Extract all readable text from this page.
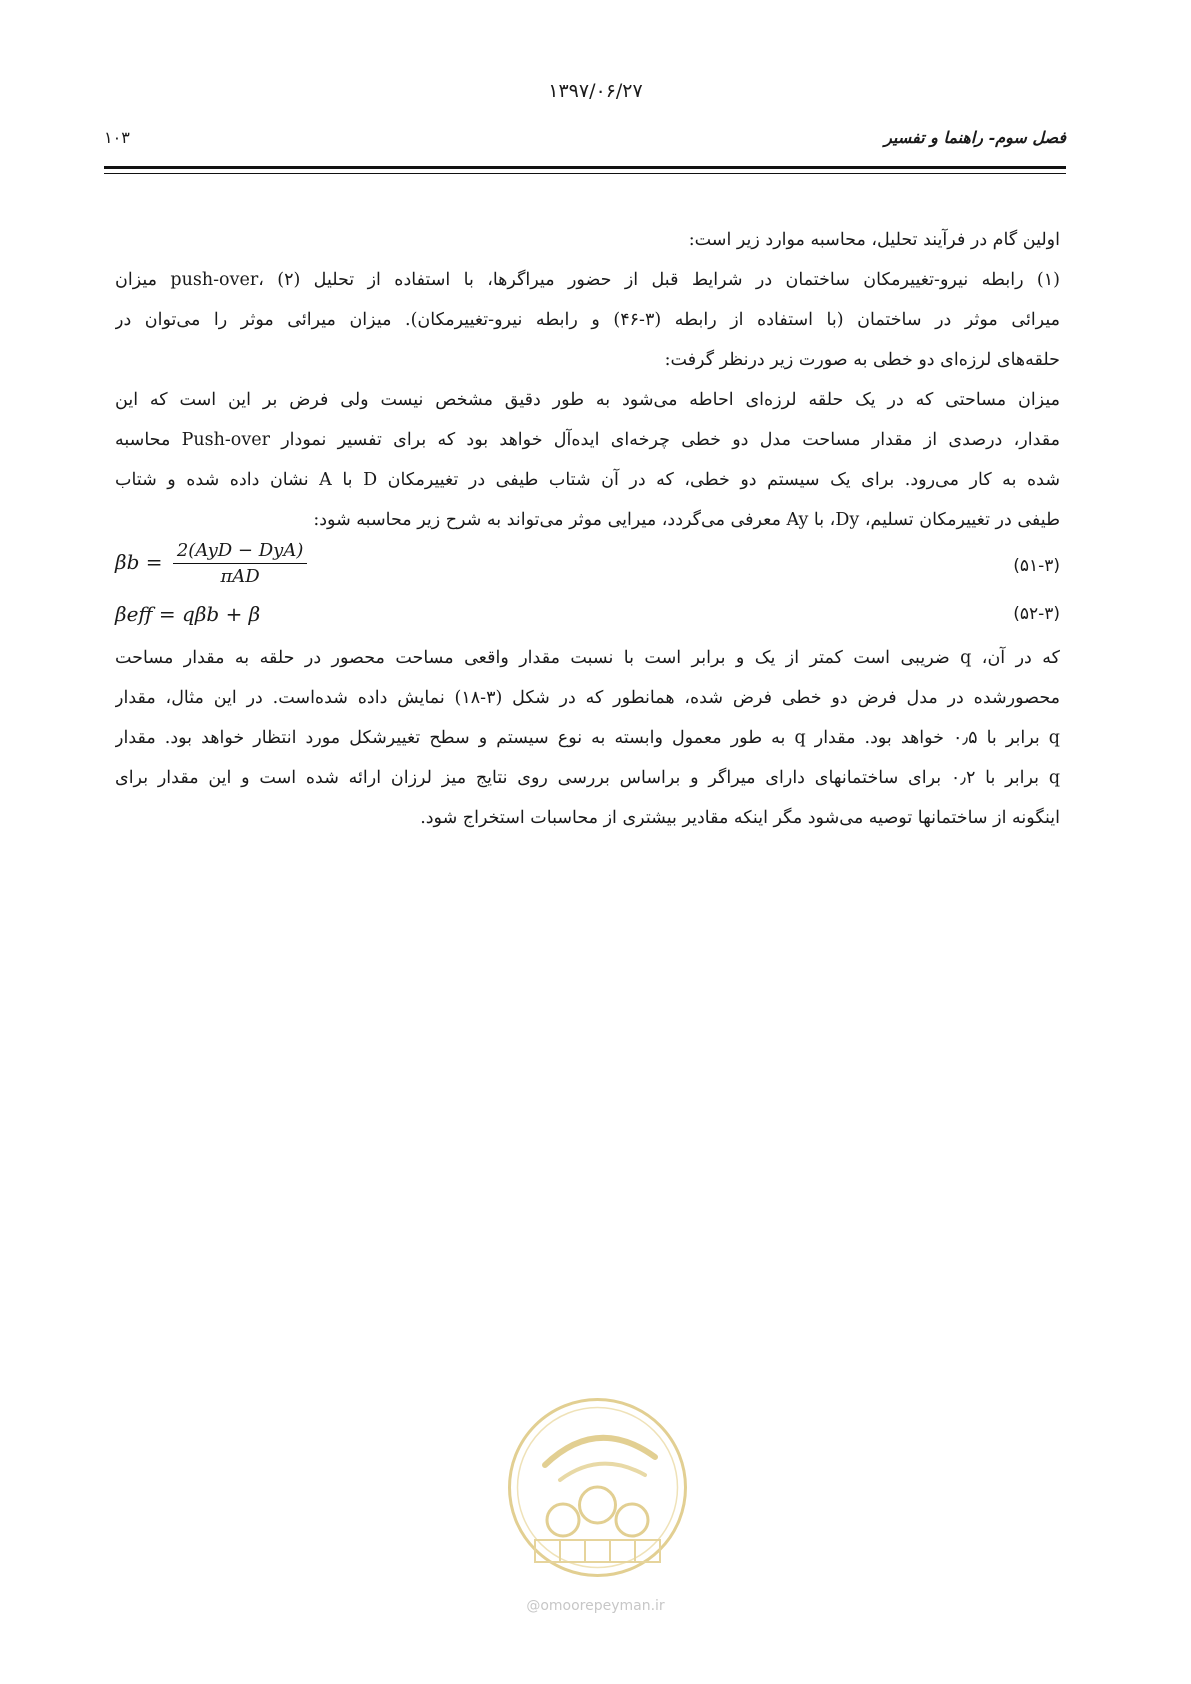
۱۳۹۷/۰۶/۲۷
فصل سوم- راهنما و تفسیر
۱۰۳
اولین گام در فرآیند تحلیل، محاسبه موارد زیر است:
(۱) رابطه نیرو-تغییرمکان ساختمان در شرایط قبل از حضور میراگرها، با استفاده از تحلیل push-over، (۲) میزان
میرائی موثر در ساختمان (با استفاده از رابطه (۳-۴۶) و رابطه نیرو-تغییرمکان). میزان میرائی موثر را می‌توان در
حلقه‌های لرزه‌ای دو خطی به صورت زیر درنظر گرفت:
میزان مساحتی که در یک حلقه لرزه‌ای احاطه می‌شود به طور دقیق مشخص نیست ولی فرض بر این است که این
مقدار، درصدی از مقدار مساحت مدل دو خطی چرخه‌ای ایده‌آل خواهد بود که برای تفسیر نمودار Push-over محاسبه
شده به کار می‌رود. برای یک سیستم دو خطی، که در آن شتاب طیفی در تغییرمکان D با A نشان داده شده و شتاب
طیفی در تغییرمکان تسلیم، Dy، با Ay معرفی می‌گردد، میرایی موثر می‌تواند به شرح زیر محاسبه شود:
$\beta b = \frac{\text{2(AyD − DyA)}}{\text{πAD}}$	(۵۱-۳)
βeff = qβb + β	(۵۲-۳)
که در آن، q ضریبی است کمتر از یک و برابر است با نسبت مقدار واقعی مساحت محصور در حلقه به مقدار مساحت
محصورشده در مدل فرض دو خطی فرض شده، همانطور که در شکل (۳-۱۸) نمایش داده شده‌است. در این مثال، مقدار
q برابر با ۰٫۵ خواهد بود. مقدار q به طور معمول وابسته به نوع سیستم و سطح تغییرشکل مورد انتظار خواهد بود. مقدار
q برابر با ۰٫۲ برای ساختمانهای دارای میراگر و براساس بررسی روی نتایج میز لرزان ارائه شده است و این مقدار برای
اینگونه از ساختمانها توصیه می‌شود مگر اینکه مقادیر بیشتری از محاسبات استخراج شود.
@omoorepeyman.ir
